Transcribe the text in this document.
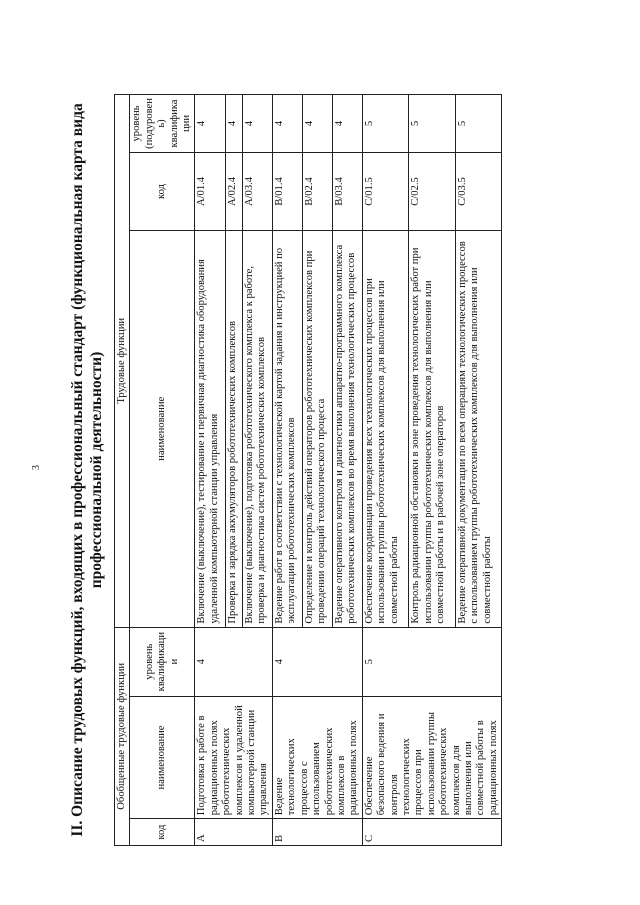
3 II. Описание трудовых функций, входящих в профессиональный стандарт (функциональная карта вида профессиональной деятельности)
Обобщенные трудовые функции			Трудовые функции		
код	наименование	уровень квалификации	наименование	код	уровень (подуровень) квалификации
A	Подготовка к работе в радиационных полях робототехнических комплексов и удаленной компьютерной станции управления	4	Включение (выключение), тестирование и первичная диагностика оборудования удаленной компьютерной станции управления	A/01.4	4
			Проверка и зарядка аккумуляторов робототехнических комплексов	A/02.4	4
			Включение (выключение), подготовка робототехнического комплекса к работе, проверка и диагностика систем робототехнических комплексов	A/03.4	4
B	Ведение технологических процессов с использованием робототехнических комплексов в радиационных полях	4	Ведение работ в соответствии с технологической картой задания и инструкцией по эксплуатации робототехнических комплексов	B/01.4	4
			Определение и контроль действий операторов робототехнических комплексов при проведении операций технологического процесса	B/02.4	4
			Ведение оперативного контроля и диагностики аппаратно-программного комплекса робототехнических комплексов во время выполнения технологических процессов	B/03.4	4
C	Обеспечение безопасного ведения и контроля технологических процессов при использовании группы робототехнических комплексов для выполнения или совместной работы в радиационных полях	5	Обеспечение координации проведения всех технологических процессов при использовании группы робототехнических комплексов для выполнения или совместной работы	C/01.5	5
			Контроль радиационной обстановки в зоне проведения технологических работ при использовании группы робототехнических комплексов для выполнения или совместной работы и в рабочей зоне операторов	C/02.5	5
			Ведение оперативной документации по всем операциям технологических процессов с использованием группы робототехнических комплексов для выполнения или совместной работы	C/03.5	5
